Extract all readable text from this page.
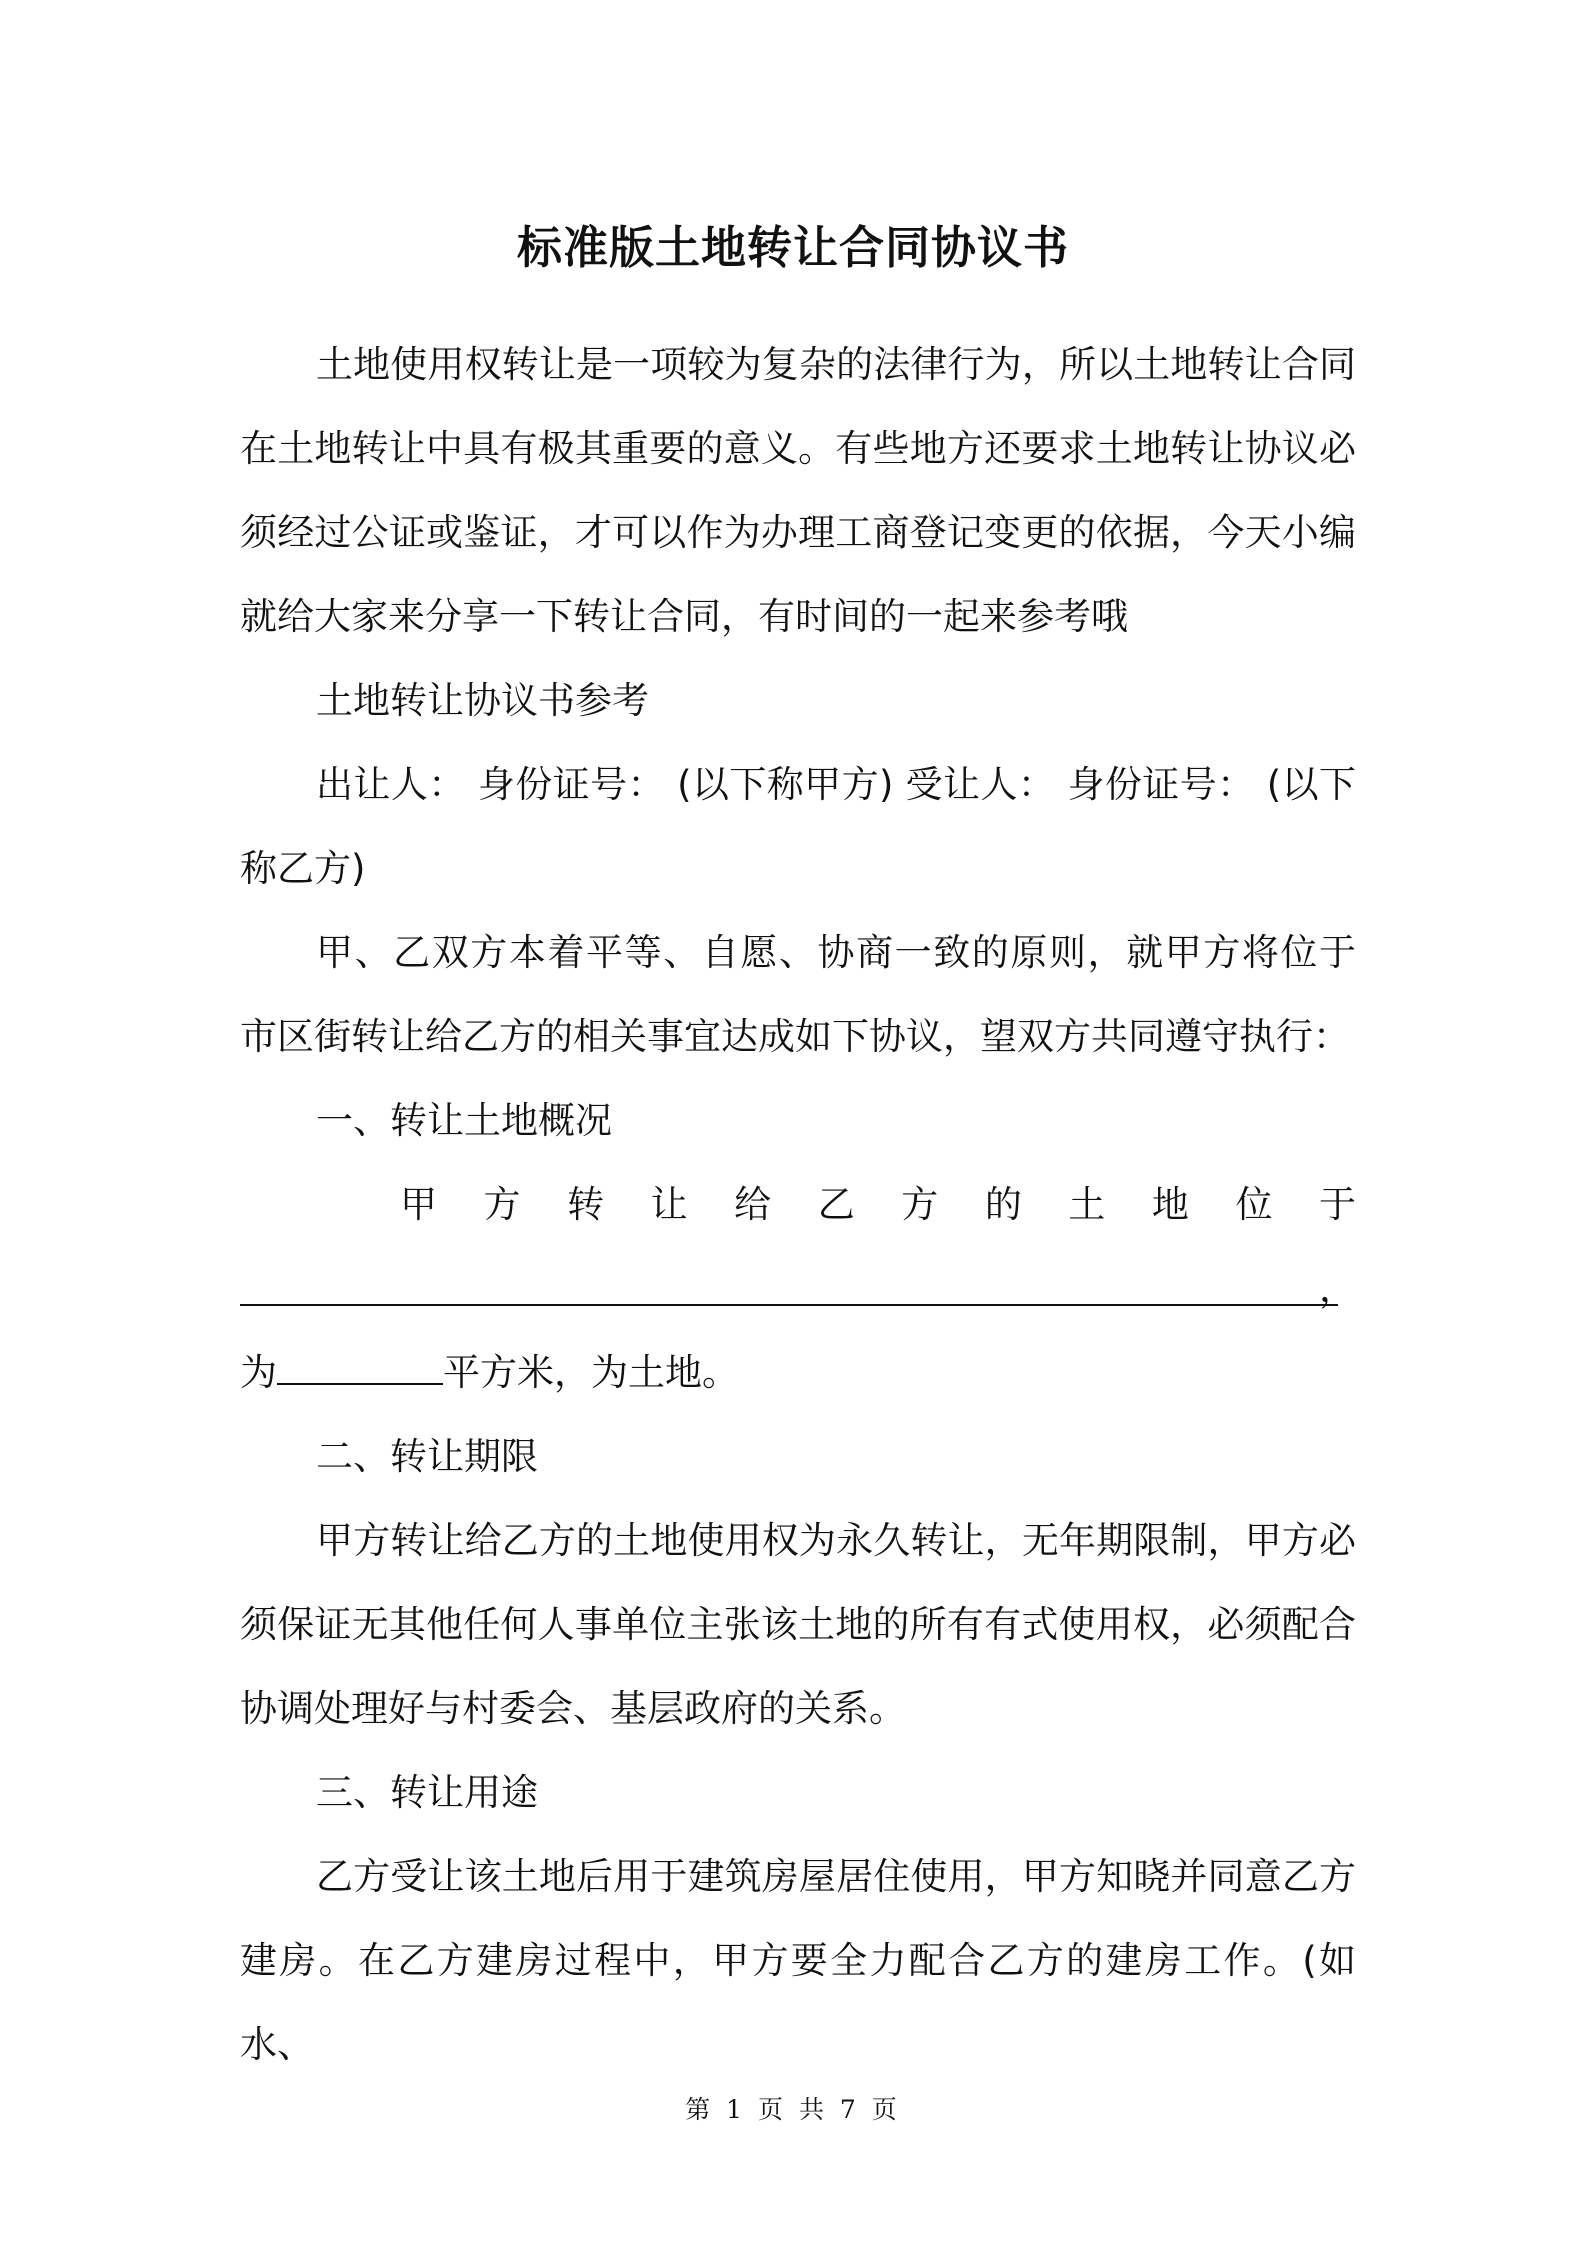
标准版土地转让合同协议书

土地使用权转让是一项较为复杂的法律行为，所以土地转让合同在土地转让中具有极其重要的意义。有些地方还要求土地转让协议必须经过公证或鉴证，才可以作为办理工商登记变更的依据，今天小编就给大家来分享一下转让合同，有时间的一起来参考哦

土地转让协议书参考

出让人： 身份证号： (以下称甲方) 受让人： 身份证号： (以下称乙方)

甲、乙双方本着平等、自愿、协商一致的原则，就甲方将位于 市区街转让给乙方的相关事宜达成如下协议，望双方共同遵守执行：

一、转让土地概况

甲方转让给乙方的土地位于

，

为	平方米，为土地。

二、转让期限

甲方转让给乙方的土地使用权为永久转让，无年期限制，甲方必须保证无其他任何人事单位主张该土地的所有有式使用权，必须配合协调处理好与村委会、基层政府的关系。

三、转让用途

乙方受让该土地后用于建筑房屋居住使用，甲方知晓并同意乙方建房。在乙方建房过程中，甲方要全力配合乙方的建房工作。(如水、

第 1 页 共 7 页
